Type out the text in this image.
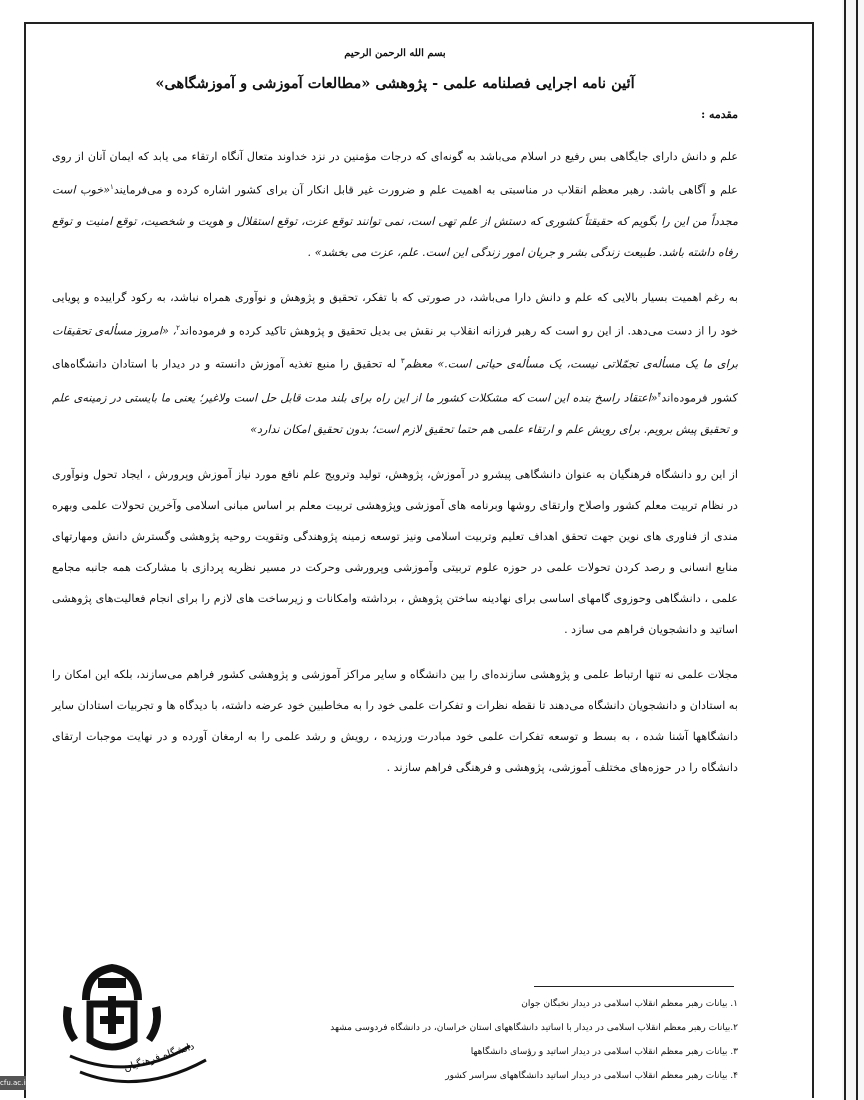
بسم الله الرحمن الرحیم
آئین نامه اجرایی فصلنامه علمی - پژوهشی «مطالعات آموزشی و آموزشگاهی»
مقدمه :

علم و دانش دارای جایگاهی بس رفیع در اسلام می‌باشد به گونه‌ای که درجات مؤمنین در نزد خداوند متعال آنگاه ارتقاء می یابد که ایمان آنان از روی علم و آگاهی باشد. رهبر معظم انقلاب در مناسبتی به اهمیت علم و ضرورت غیر قابل انکار آن برای کشور اشاره کرده و می‌فرمایند$^۱$«خوب است مجدداً من این را بگویم که حقیقتاً کشوری که دستش از علم تهی است، نمی توانند توقع عزت، توقع استقلال و هویت و شخصیت، توقع امنیت و توقع رفاه داشته باشد. طبیعت زندگی بشر و جریان امور زندگی این است. علم، عزت می بخشد» .

به رغم اهمیت بسیار بالایی که علم و دانش دارا می‌باشد، در صورتی که با تفکر، تحقیق و پژوهش و نوآوری همراه نباشد، به رکود گراییده و پویایی خود را از دست می‌دهد. از این رو است که رهبر فرزانه انقلاب بر نقش بی بدیل تحقیق و پژوهش تاکید کرده و فرموده‌اند$^۲$، «امروز مسأله‌ی تحقیقات برای ما یک مسأله‌ی تجمّلاتی نیست، یک مسأله‌ی حیاتی است.» معظم$^۳$ له تحقیق را منبع تغذیه آموزش دانسته و در دیدار با استادان دانشگاه‌های کشور فرموده‌اند$^۴$«اعتقاد راسخ بنده این است که مشکلات کشور ما از این راه برای بلند مدت قابل حل است ولاغیر؛ یعنی ما بایستی در زمینه‌ی علم و تحقیق پیش برویم. برای رویش علم و ارتقاء علمی هم حتما تحقیق لازم است؛ بدون تحقیق امکان ندارد»

از این رو دانشگاه فرهنگیان به عنوان دانشگاهی پیشرو در آموزش، پژوهش، تولید وترویج علم نافع مورد نیاز آموزش وپرورش ، ایجاد تحول ونوآوری در نظام تربیت معلم کشور واصلاح وارتقای روشها وبرنامه های آموزشی وپژوهشی تربیت معلم بر اساس مبانی اسلامی وآخرین تحولات علمی وبهره مندی از فناوری های نوین جهت تحقق اهداف تعلیم وتربیت اسلامی ونیز توسعه زمینه پژوهندگی وتقویت روحیه پژوهشی وگسترش دانش ومهارتهای منابع انسانی و رصد کردن تحولات علمی در حوزه علوم تربیتی وآموزشی وپرورشی وحرکت در مسیر نظریه پردازی با مشارکت همه جانبه مجامع علمی ، دانشگاهی وحوزوی گامهای اساسی برای نهادینه ساختن پژوهش ، برداشته وامکانات و زیرساخت های لازم را برای انجام فعالیت‌های پژوهشی اساتید و دانشجویان فراهم می سازد .

مجلات علمی نه تنها ارتباط علمی و پژوهشی سازنده‌ای را بین دانشگاه و سایر مراکز آموزشی و پژوهشی کشور فراهم می‌سازند، بلکه این امکان را به استادان و دانشجویان دانشگاه می‌دهند تا نقطه نظرات و تفکرات علمی خود را به مخاطبین خود عرضه داشته، با دیدگاه ها و تجربیات استادان سایر دانشگاهها آشنا شده ، به بسط و توسعه تفکرات علمی خود مبادرت ورزیده ، رویش و رشد علمی را به ارمغان آورده و در نهایت موجبات ارتقای دانشگاه را در حوزه‌های مختلف آموزشی، پژوهشی و فرهنگی فراهم سازند .

۱. بیانات رهبر معظم انقلاب اسلامی در دیدار نخبگان جوان
۲.بیانات رهبر معظم انقلاب اسلامی در دیدار با اساتید دانشگاههای استان خراسان، در دانشگاه فردوسی مشهد
۳. بیانات رهبر معظم انقلاب اسلامی در دیدار اساتید و رؤسای دانشگاهها
۴. بیانات رهبر معظم انقلاب اسلامی در دیدار اساتید دانشگاههای سراسر کشور
دانشگاه فرهنگیان
cfu.ac.ir
